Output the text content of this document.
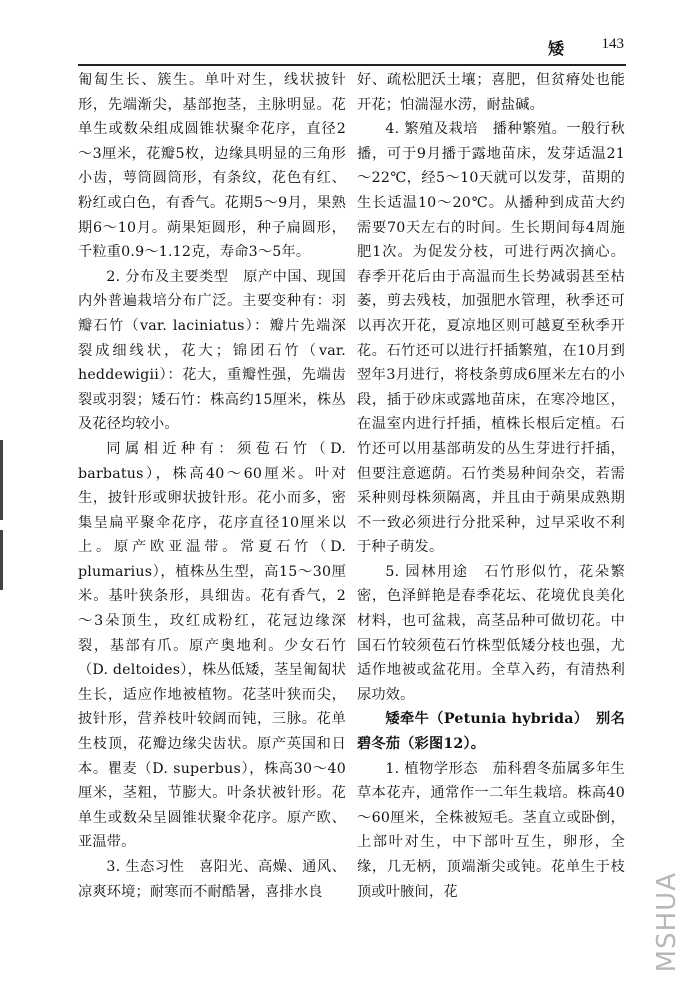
矮	143

匍匐生长、簇生。单叶对生，线状披针形，先端渐尖，基部抱茎，主脉明显。花单生或数朵组成圆锥状聚伞花序，直径2～3厘米，花瓣5枚，边缘具明显的三角形小齿，萼筒圆筒形，有条纹，花色有红、粉红或白色，有香气。花期5～9月，果熟期6～10月。蒴果矩圆形，种子扁圆形，千粒重0.9～1.12克，寿命3～5年。

2. 分布及主要类型　原产中国、现国内外普遍栽培分布广泛。主要变种有：羽瓣石竹（var. laciniatus）：瓣片先端深裂成细线状，花大；锦团石竹（var. heddewigii）：花大，重瓣性强，先端齿裂或羽裂；矮石竹：株高约15厘米，株丛及花径均较小。

同属相近种有：须苞石竹（D. barbatus），株高40～60厘米。叶对生，披针形或卵状披针形。花小而多，密集呈扁平聚伞花序，花序直径10厘米以上。原产欧亚温带。常夏石竹（D. plumarius），植株丛生型，高15～30厘米。基叶狭条形，具细齿。花有香气，2～3朵顶生，玫红成粉红，花冠边缘深裂，基部有爪。原产奥地利。少女石竹（D. deltoides），株丛低矮，茎呈匍匐状生长，适应作地被植物。花茎叶狭而尖，披针形，营养枝叶较阔而钝，三脉。花单生枝顶，花瓣边缘尖齿状。原产英国和日本。瞿麦（D. superbus），株高30～40厘米，茎粗，节膨大。叶条状被针形。花单生或数朵呈圆锥状聚伞花序。原产欧、亚温带。

3. 生态习性　喜阳光、高燥、通风、凉爽环境；耐寒而不耐酷暑，喜排水良

好、疏松肥沃土壤；喜肥，但贫瘠处也能开花；怕湍湿水涝，耐盐碱。

4. 繁殖及栽培　播种繁殖。一般行秋播，可于9月播于露地苗床，发芽适温21～22℃，经5～10天就可以发芽，苗期的生长适温10～20℃。从播种到成苗大约需要70天左右的时间。生长期间每4周施肥1次。为促发分枝，可进行两次摘心。春季开花后由于高温而生长势减弱甚至枯萎，剪去残枝，加强肥水管理，秋季还可以再次开花，夏凉地区则可越夏至秋季开花。石竹还可以进行扦插繁殖，在10月到翌年3月进行，将枝条剪成6厘米左右的小段，插于砂床或露地苗床，在寒冷地区，在温室内进行扦插，植株长根后定植。石竹还可以用基部萌发的丛生芽进行扦插，但要注意遮荫。石竹类易种间杂交，若需采种则母株须隔离，并且由于蒴果成熟期不一致必须进行分批采种，过早采收不利于种子萌发。

5. 园林用途　石竹形似竹，花朵繁密，色泽鲜艳是春季花坛、花境优良美化材料，也可盆栽，高茎品种可做切花。中国石竹较须苞石竹株型低矮分枝也强，尤适作地被或盆花用。全草入药，有清热利尿功效。

矮牵牛（Petunia hybrida）　别名碧冬茄（彩图12）。

1. 植物学形态　茄科碧冬茄属多年生草本花卉，通常作一二年生栽培。株高40～60厘米，全株被短毛。茎直立或卧倒，上部叶对生，中下部叶互生，卵形，全缘，几无柄，顶端渐尖或钝。花单生于枝顶或叶腋间，花	MSHUA
